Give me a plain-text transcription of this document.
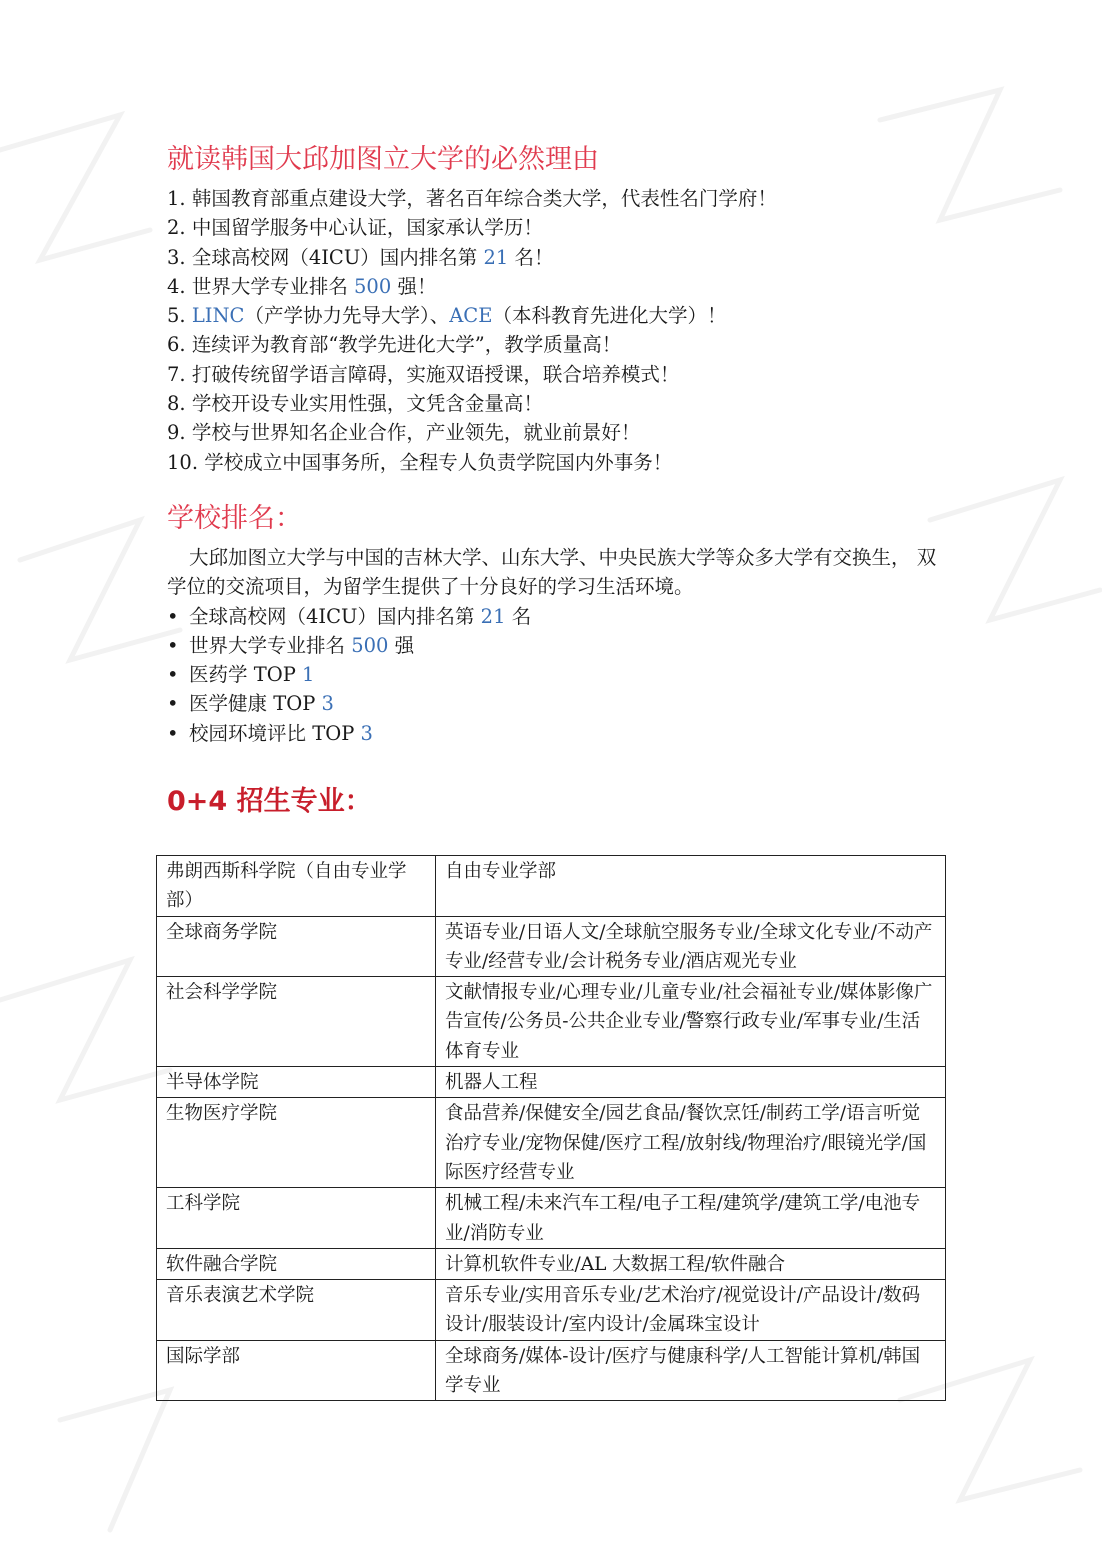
就读韩国大邱加图立大学的必然理由
1. 韩国教育部重点建设大学，著名百年综合类大学，代表性名门学府！
2. 中国留学服务中心认证，国家承认学历！
3. 全球高校网（4ICU）国内排名第 21 名！
4. 世界大学专业排名 500 强！
5. LINC（产学协力先导大学）、ACE（本科教育先进化大学）！
6. 连续评为教育部“教学先进化大学”，教学质量高！
7. 打破传统留学语言障碍，实施双语授课，联合培养模式！
8. 学校开设专业实用性强，文凭含金量高！
9. 学校与世界知名企业合作，产业领先，就业前景好！
10. 学校成立中国事务所，全程专人负责学院国内外事务！
学校排名：

大邱加图立大学与中国的吉林大学、山东大学、中央民族大学等众多大学有交换生， 双学位的交流项目，为留学生提供了十分良好的学习生活环境。

• 全球高校网（4ICU）国内排名第 21 名
• 世界大学专业排名 500 强
• 医药学 TOP 1
• 医学健康 TOP 3
• 校园环境评比 TOP 3
0+4 招生专业：
弗朗西斯科学院（自由专业学部）	自由专业学部
全球商务学院	英语专业/日语人文/全球航空服务专业/全球文化专业/不动产专业/经营专业/会计税务专业/酒店观光专业
社会科学学院	文献情报专业/心理专业/儿童专业/社会福祉专业/媒体影像广告宣传/公务员-公共企业专业/警察行政专业/军事专业/生活体育专业
半导体学院	机器人工程
生物医疗学院	食品营养/保健安全/园艺食品/餐饮烹饪/制药工学/语言听觉治疗专业/宠物保健/医疗工程/放射线/物理治疗/眼镜光学/国际医疗经营专业
工科学院	机械工程/未来汽车工程/电子工程/建筑学/建筑工学/电池专业/消防专业
软件融合学院	计算机软件专业/AL 大数据工程/软件融合
音乐表演艺术学院	音乐专业/实用音乐专业/艺术治疗/视觉设计/产品设计/数码设计/服装设计/室内设计/金属珠宝设计
国际学部	全球商务/媒体-设计/医疗与健康科学/人工智能计算机/韩国学专业
